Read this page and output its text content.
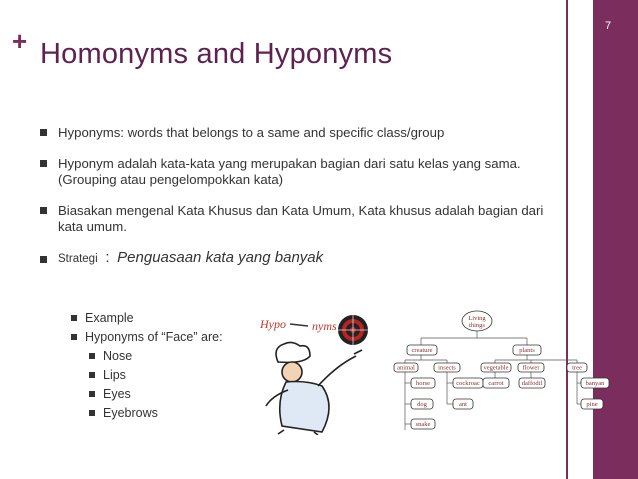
+ Homonyms and Hyponyms
7
Hyponyms: words that belongs to a same and specific class/group
Hyponym adalah kata-kata yang merupakan bagian dari satu kelas yang sama. (Grouping atau pengelompokkan kata)
Biasakan mengenal Kata Khusus dan Kata Umum, Kata khusus adalah bagian dari kata umum.
Strategi : Penguasaan kata yang banyak
Example
Hyponyms of “Face” are:
Nose
Lips
Eyes
Eyebrows
Hypo nyms
Living
things
creature	plants
animal	insects	vegetable flower	tree
horse	cockroac carrot	daffodil	banyan
dog	ant	pine
snake
